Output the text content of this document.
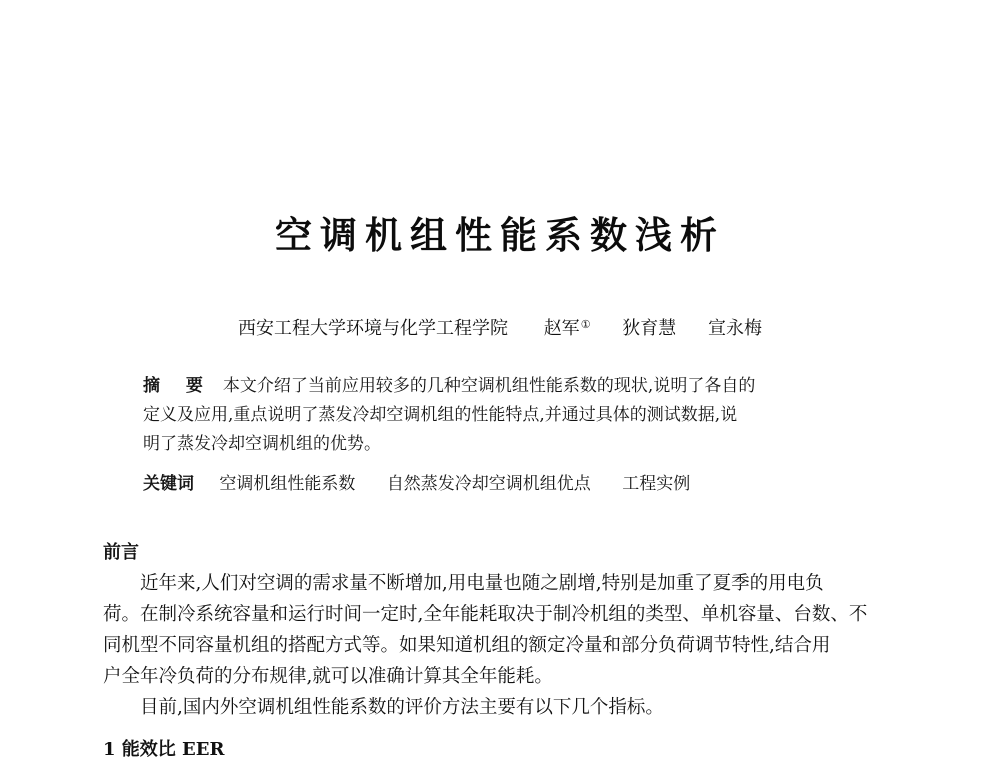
空调机组性能系数浅析
西安工程大学环境与化学工程学院 赵军① 狄育慧 宣永梅
摘 要 本文介绍了当前应用较多的几种空调机组性能系数的现状,说明了各自的
定义及应用,重点说明了蒸发冷却空调机组的性能特点,并通过具体的测试数据,说
明了蒸发冷却空调机组的优势。
关键词 空调机组性能系数 自然蒸发冷却空调机组优点 工程实例
前言
近年来,人们对空调的需求量不断增加,用电量也随之剧增,特别是加重了夏季的用电负
荷。在制冷系统容量和运行时间一定时,全年能耗取决于制冷机组的类型、单机容量、台数、不
同机型不同容量机组的搭配方式等。如果知道机组的额定冷量和部分负荷调节特性,结合用
户全年冷负荷的分布规律,就可以准确计算其全年能耗。
目前,国内外空调机组性能系数的评价方法主要有以下几个指标。
1 能效比 EER
